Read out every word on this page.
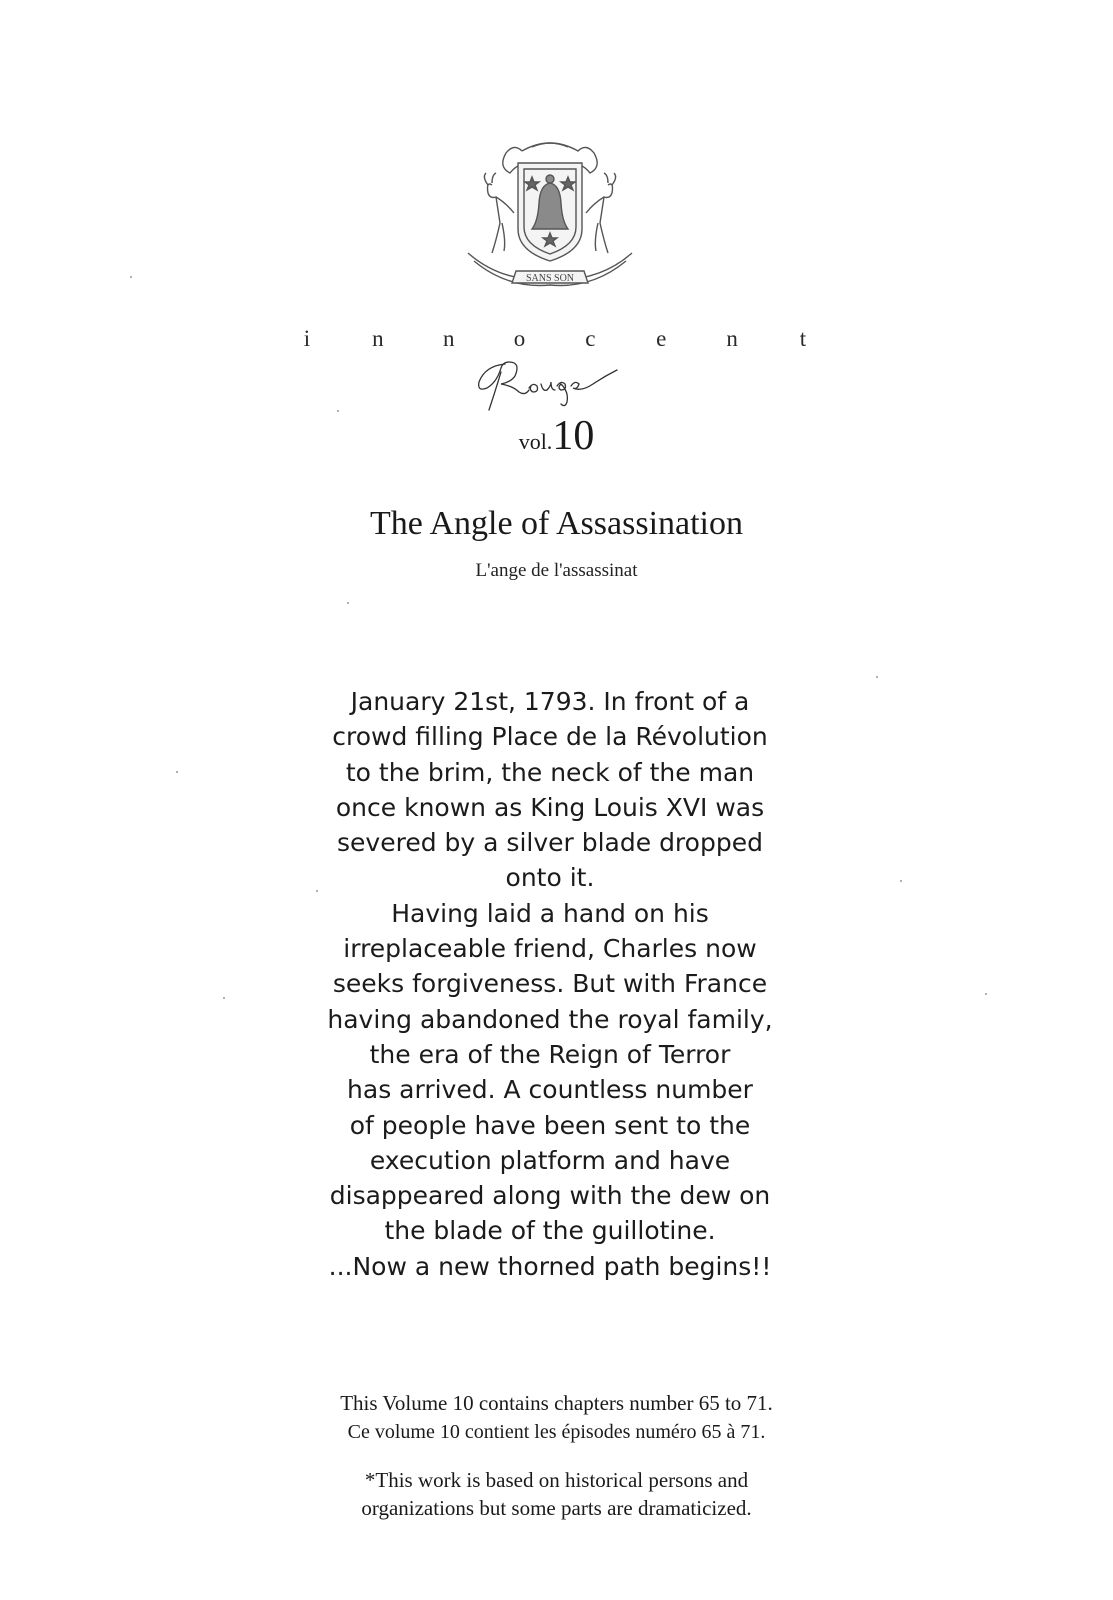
SANS SON
i	n	n	o	c	e	n	t
vol.10
The Angle of Assassination
L'ange de l'assassinat

January 21st, 1793. In front of a

crowd filling Place de la Révolution

to the brim, the neck of the man

once known as King Louis XVI was

severed by a silver blade dropped

onto it.

Having laid a hand on his

irreplaceable friend, Charles now

seeks forgiveness. But with France

having abandoned the royal family,

the era of the Reign of Terror

has arrived. A countless number

of people have been sent to the

execution platform and have

disappeared along with the dew on

the blade of the guillotine.

...Now a new thorned path begins!!

This Volume 10 contains chapters number 65 to 71.
Ce volume 10 contient les épisodes numéro 65 à 71.
*This work is based on historical persons and
organizations but some parts are dramaticized.
